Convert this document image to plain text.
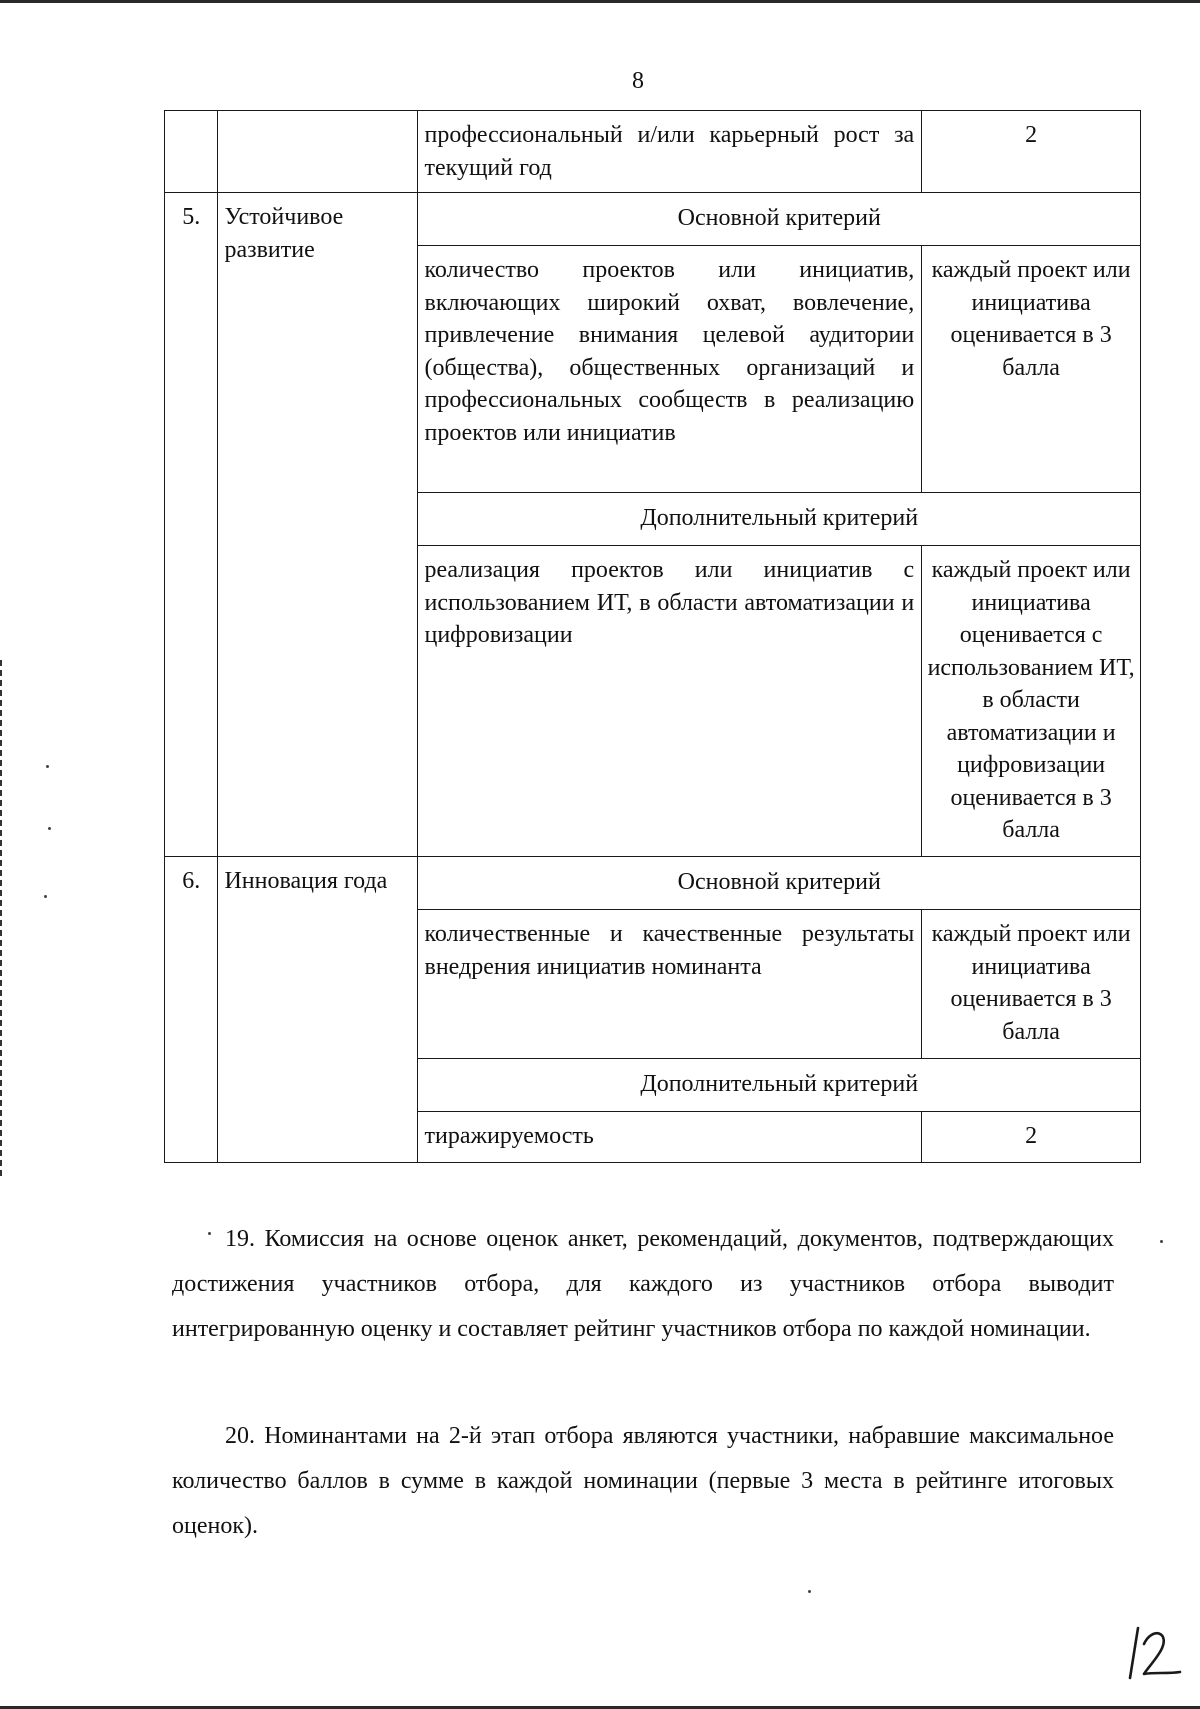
8

		профессиональный и/или карьерный рост за текущий год	2
5.	Устойчивое развитие	Основной критерий	

		количество проектов или инициатив, включающих широкий охват, вовлечение, привлечение внимания целевой аудитории (общества), общественных организаций и профессиональных сообществ в реализацию проектов или инициатив	каждый проект или инициатива оценивается в 3 балла
		Дополнительный критерий	

		реализация проектов или инициатив с использованием ИТ, в области автоматизации и цифровизации	каждый проект или инициатива оценивается с использованием ИТ, в области автоматизации и цифровизации оценивается в 3 балла
6.	Инновация года	Основной критерий	

		количественные и качественные результаты внедрения инициатив номинанта	каждый проект или инициатива оценивается в 3 балла
		Дополнительный критерий	

		тиражируемость	2

19. Комиссия на основе оценок анкет, рекомендаций, документов, подтверждающих достижения участников отбора, для каждого из участников отбора выводит интегрированную оценку и составляет рейтинг участников отбора по каждой номинации.

20. Номинантами на 2-й этап отбора являются участники, набравшие максимальное количество баллов в сумме в каждой номинации (первые 3 места в рейтинге итоговых оценок).
